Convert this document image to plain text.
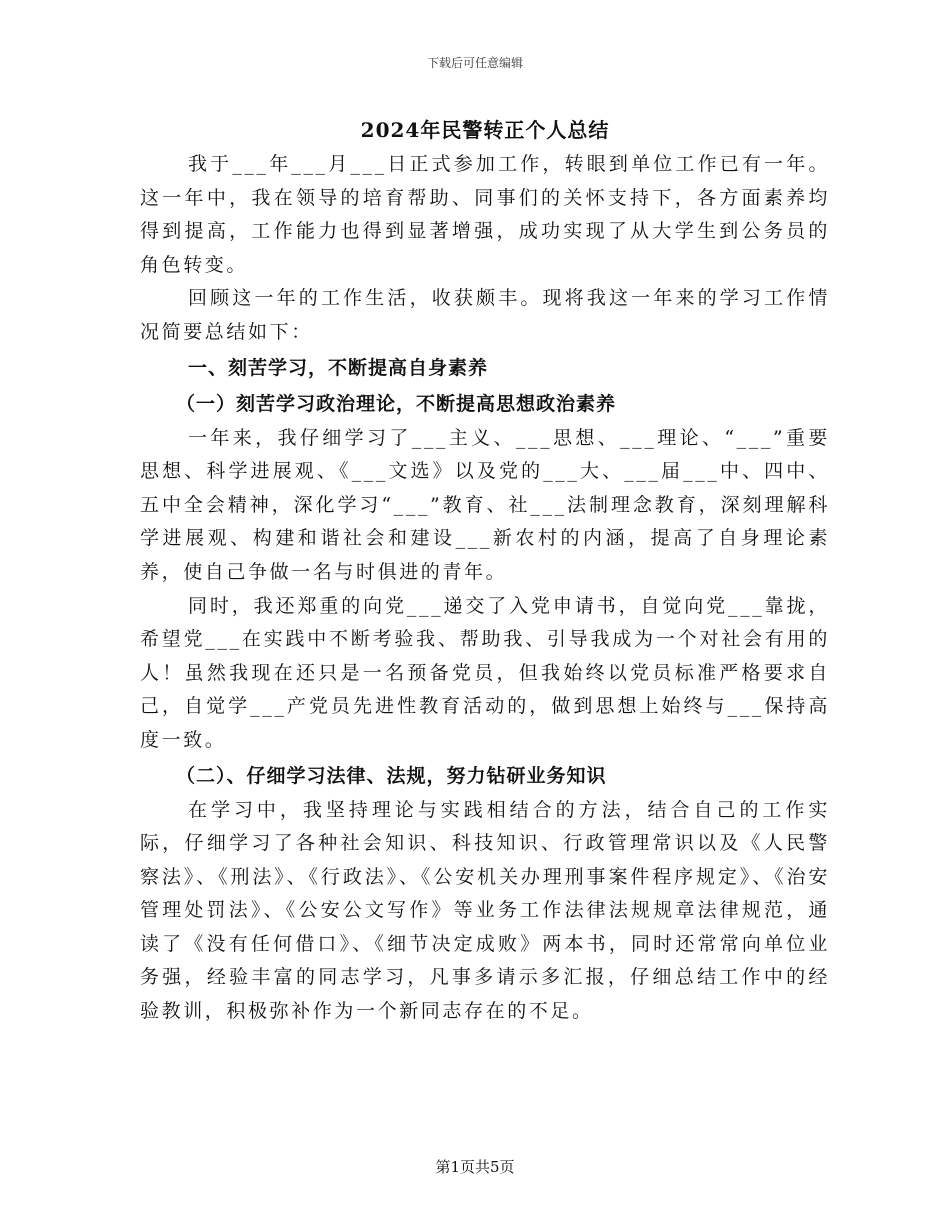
下载后可任意编辑
2024年民警转正个人总结

我于___年___月___日正式参加工作，转眼到单位工作已有一年。这一年中，我在领导的培育帮助、同事们的关怀支持下，各方面素养均得到提高，工作能力也得到显著增强，成功实现了从大学生到公务员的角色转变。

回顾这一年的工作生活，收获颇丰。现将我这一年来的学习工作情况简要总结如下：

一、刻苦学习，不断提高自身素养

（一）刻苦学习政治理论，不断提高思想政治素养

一年来，我仔细学习了___主义、___思想、___理论、“___”重要思想、科学进展观、《___文选》以及党的___大、___届___中、四中、五中全会精神，深化学习“___”教育、社___法制理念教育，深刻理解科学进展观、构建和谐社会和建设___新农村的内涵，提高了自身理论素养，使自己争做一名与时俱进的青年。

同时，我还郑重的向党___递交了入党申请书，自觉向党___靠拢，希望党___在实践中不断考验我、帮助我、引导我成为一个对社会有用的人！虽然我现在还只是一名预备党员，但我始终以党员标准严格要求自己，自觉学___产党员先进性教育活动的，做到思想上始终与___保持高度一致。

（二）、仔细学习法律、法规，努力钻研业务知识

在学习中，我坚持理论与实践相结合的方法，结合自己的工作实际，仔细学习了各种社会知识、科技知识、行政管理常识以及《人民警察法》、《刑法》、《行政法》、《公安机关办理刑事案件程序规定》、《治安管理处罚法》、《公安公文写作》等业务工作法律法规规章法律规范，通读了《没有任何借口》、《细节决定成败》两本书，同时还常常向单位业务强，经验丰富的同志学习，凡事多请示多汇报，仔细总结工作中的经验教训，积极弥补作为一个新同志存在的不足。

第1页共5页
